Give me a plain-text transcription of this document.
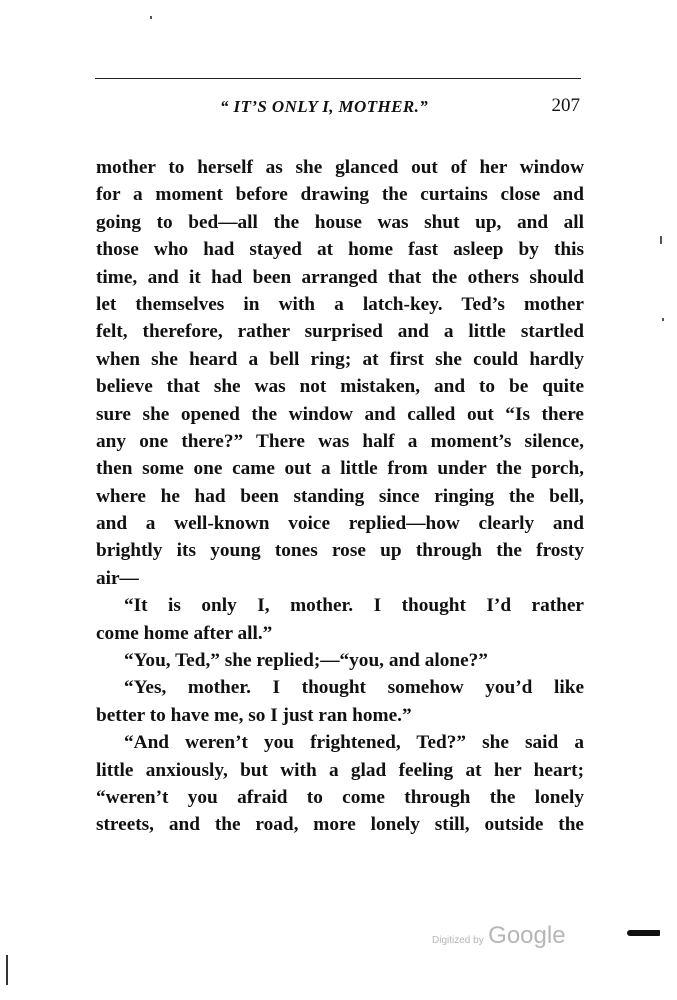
“ IT’S ONLY I, MOTHER.”	207
mother to herself as she glanced out of her window
for a moment before drawing the curtains close and
going to bed—all the house was shut up, and all
those who had stayed at home fast asleep by this
time, and it had been arranged that the others should
let themselves in with a latch-key. Ted’s mother
felt, therefore, rather surprised and a little startled
when she heard a bell ring; at first she could hardly
believe that she was not mistaken, and to be quite
sure she opened the window and called out “Is there
any one there?” There was half a moment’s silence,
then some one came out a little from under the porch,
where he had been standing since ringing the bell,
and a well-known voice replied—how clearly and
brightly its young tones rose up through the frosty
air—
“It is only I, mother. I thought I’d rather
come home after all.”
“You, Ted,” she replied;—“you, and alone?”
“Yes, mother. I thought somehow you’d like
better to have me, so I just ran home.”
“And weren’t you frightened, Ted?” she said a
little anxiously, but with a glad feeling at her heart;
“weren’t you afraid to come through the lonely
streets, and the road, more lonely still, outside the
Digitized by Google
